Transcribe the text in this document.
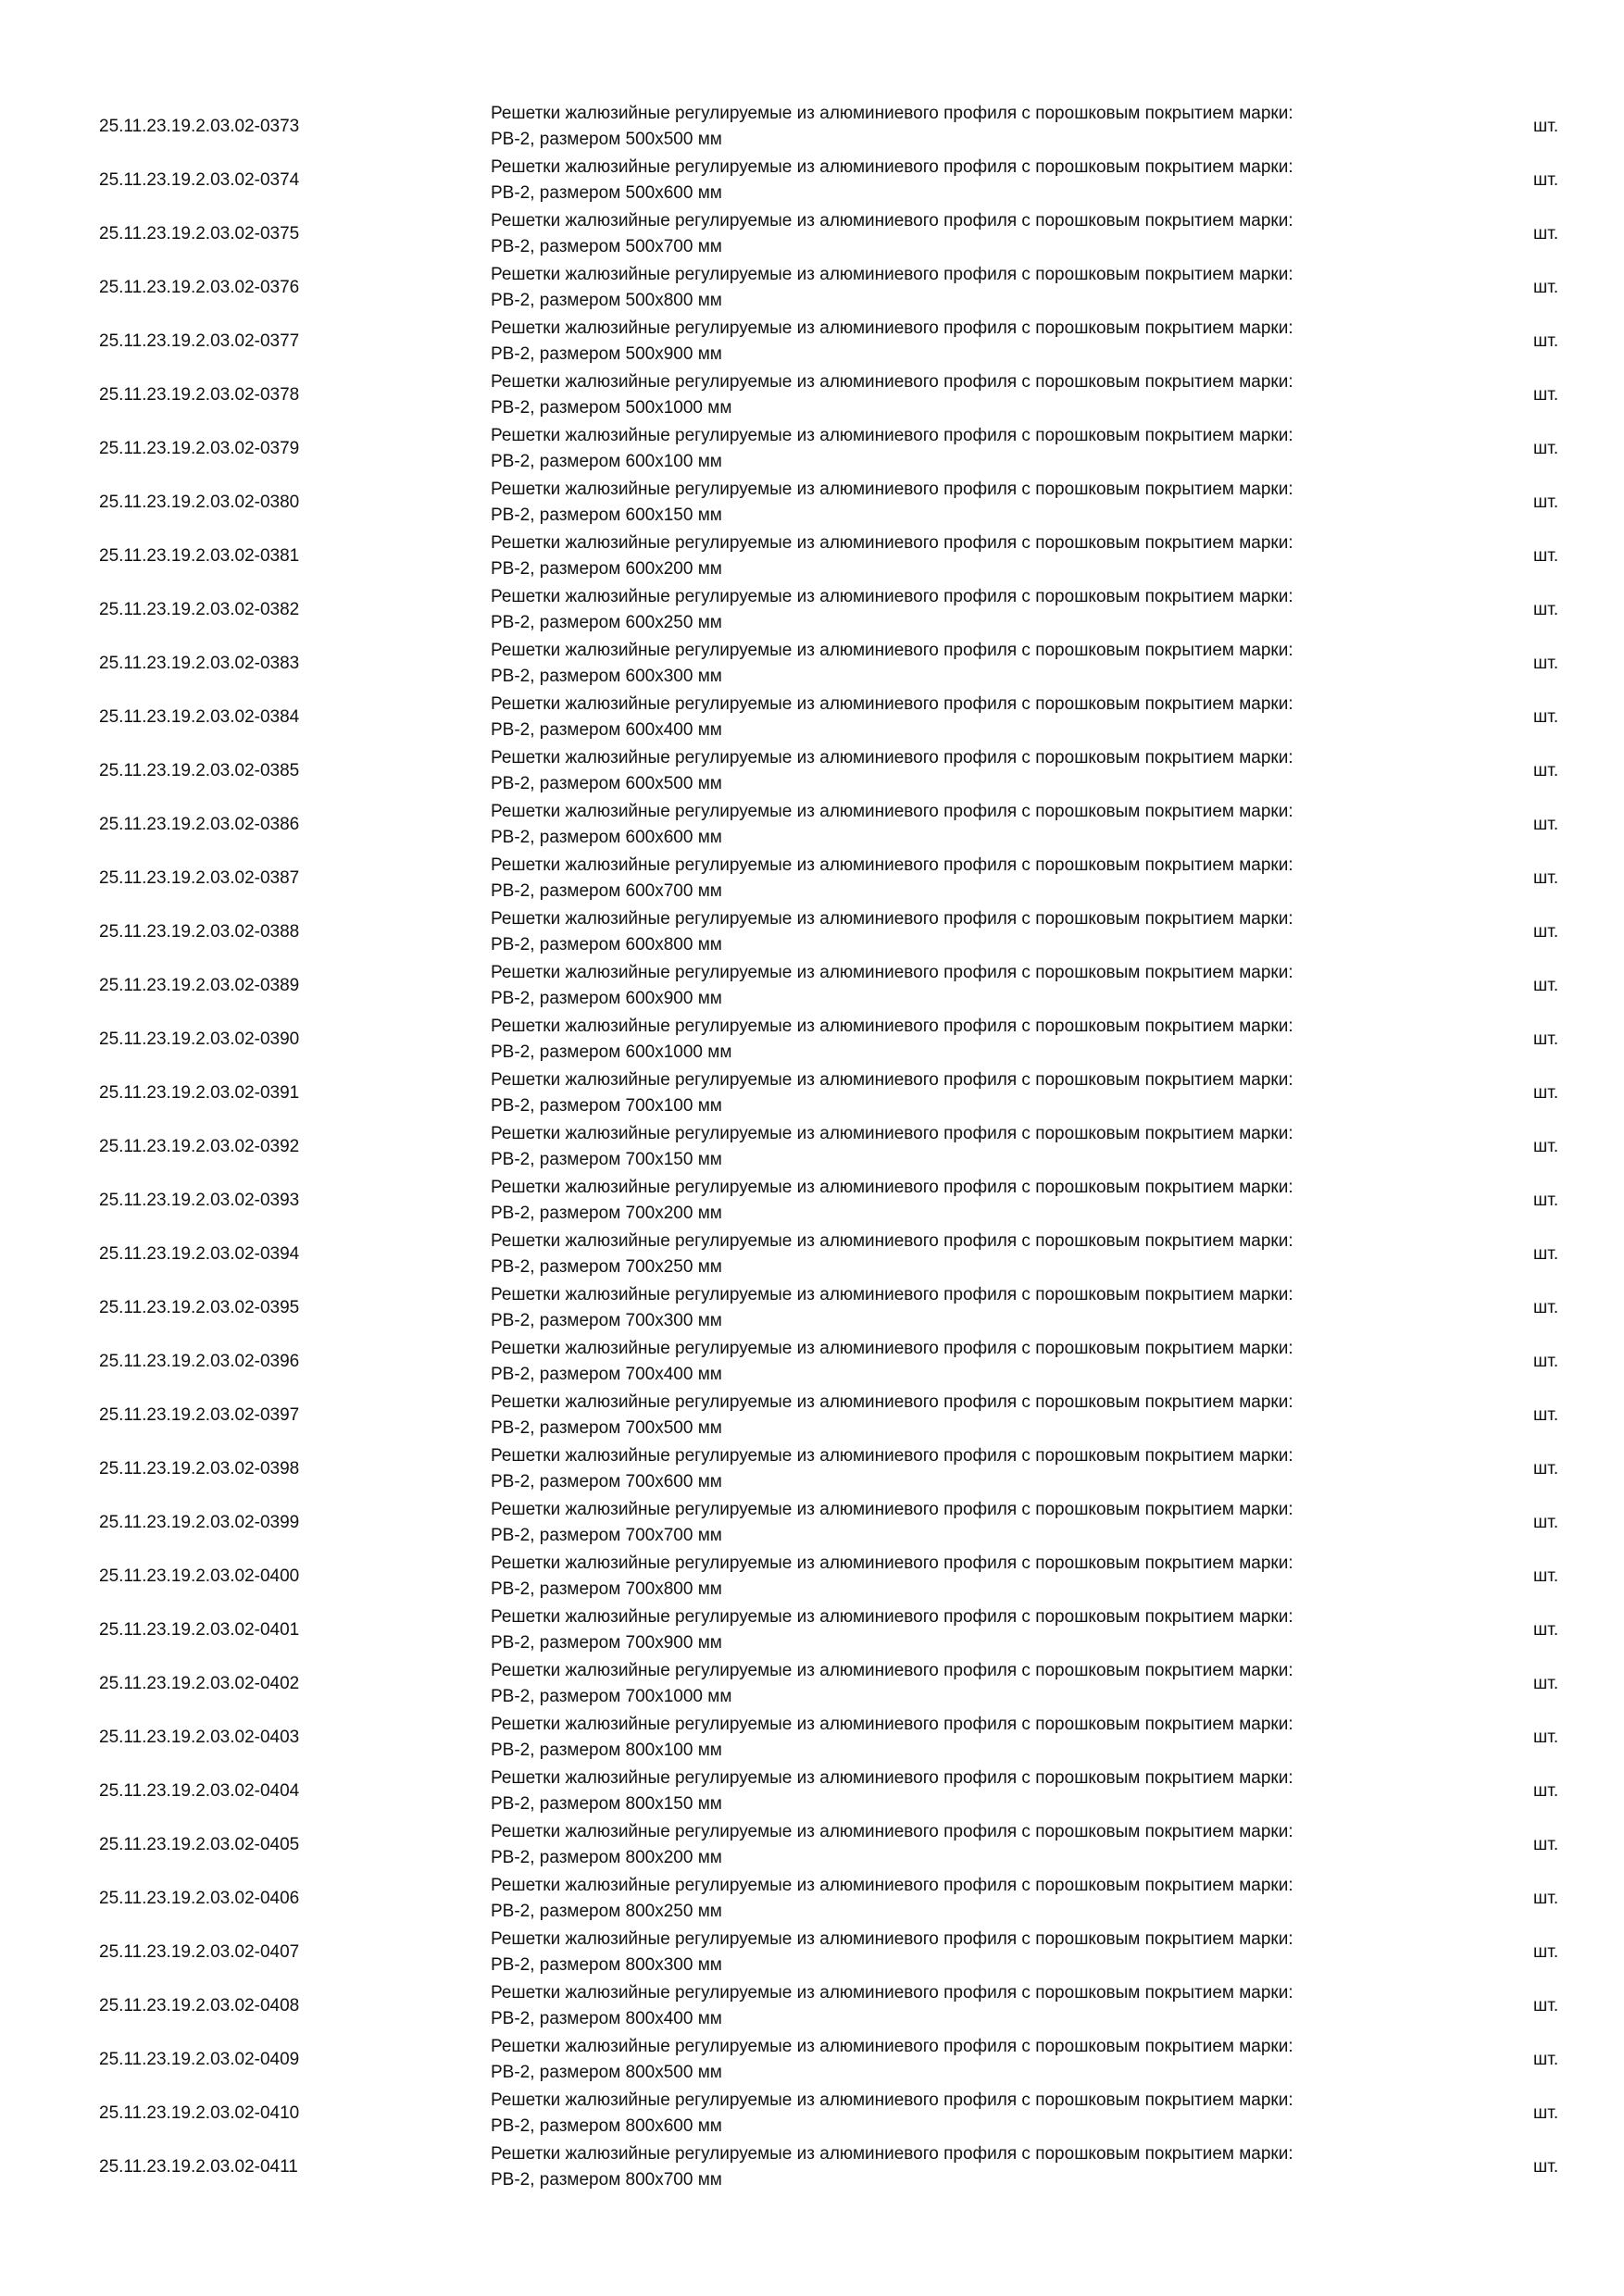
25.11.23.19.2.03.02-0373
Решетки жалюзийные регулируемые из алюминиевого профиля с порошковым покрытием марки:
РВ-2, размером 500х500 мм
шт.
25.11.23.19.2.03.02-0374
Решетки жалюзийные регулируемые из алюминиевого профиля с порошковым покрытием марки:
РВ-2, размером 500х600 мм
шт.
25.11.23.19.2.03.02-0375
Решетки жалюзийные регулируемые из алюминиевого профиля с порошковым покрытием марки:
РВ-2, размером 500х700 мм
шт.
25.11.23.19.2.03.02-0376
Решетки жалюзийные регулируемые из алюминиевого профиля с порошковым покрытием марки:
РВ-2, размером 500х800 мм
шт.
25.11.23.19.2.03.02-0377
Решетки жалюзийные регулируемые из алюминиевого профиля с порошковым покрытием марки:
РВ-2, размером 500х900 мм
шт.
25.11.23.19.2.03.02-0378
Решетки жалюзийные регулируемые из алюминиевого профиля с порошковым покрытием марки:
РВ-2, размером 500х1000 мм
шт.
25.11.23.19.2.03.02-0379
Решетки жалюзийные регулируемые из алюминиевого профиля с порошковым покрытием марки:
РВ-2, размером 600х100 мм
шт.
25.11.23.19.2.03.02-0380
Решетки жалюзийные регулируемые из алюминиевого профиля с порошковым покрытием марки:
РВ-2, размером 600х150 мм
шт.
25.11.23.19.2.03.02-0381
Решетки жалюзийные регулируемые из алюминиевого профиля с порошковым покрытием марки:
РВ-2, размером 600х200 мм
шт.
25.11.23.19.2.03.02-0382
Решетки жалюзийные регулируемые из алюминиевого профиля с порошковым покрытием марки:
РВ-2, размером 600х250 мм
шт.
25.11.23.19.2.03.02-0383
Решетки жалюзийные регулируемые из алюминиевого профиля с порошковым покрытием марки:
РВ-2, размером 600х300 мм
шт.
25.11.23.19.2.03.02-0384
Решетки жалюзийные регулируемые из алюминиевого профиля с порошковым покрытием марки:
РВ-2, размером 600х400 мм
шт.
25.11.23.19.2.03.02-0385
Решетки жалюзийные регулируемые из алюминиевого профиля с порошковым покрытием марки:
РВ-2, размером 600х500 мм
шт.
25.11.23.19.2.03.02-0386
Решетки жалюзийные регулируемые из алюминиевого профиля с порошковым покрытием марки:
РВ-2, размером 600х600 мм
шт.
25.11.23.19.2.03.02-0387
Решетки жалюзийные регулируемые из алюминиевого профиля с порошковым покрытием марки:
РВ-2, размером 600х700 мм
шт.
25.11.23.19.2.03.02-0388
Решетки жалюзийные регулируемые из алюминиевого профиля с порошковым покрытием марки:
РВ-2, размером 600х800 мм
шт.
25.11.23.19.2.03.02-0389
Решетки жалюзийные регулируемые из алюминиевого профиля с порошковым покрытием марки:
РВ-2, размером 600х900 мм
шт.
25.11.23.19.2.03.02-0390
Решетки жалюзийные регулируемые из алюминиевого профиля с порошковым покрытием марки:
РВ-2, размером 600х1000 мм
шт.
25.11.23.19.2.03.02-0391
Решетки жалюзийные регулируемые из алюминиевого профиля с порошковым покрытием марки:
РВ-2, размером 700х100 мм
шт.
25.11.23.19.2.03.02-0392
Решетки жалюзийные регулируемые из алюминиевого профиля с порошковым покрытием марки:
РВ-2, размером 700х150 мм
шт.
25.11.23.19.2.03.02-0393
Решетки жалюзийные регулируемые из алюминиевого профиля с порошковым покрытием марки:
РВ-2, размером 700х200 мм
шт.
25.11.23.19.2.03.02-0394
Решетки жалюзийные регулируемые из алюминиевого профиля с порошковым покрытием марки:
РВ-2, размером 700х250 мм
шт.
25.11.23.19.2.03.02-0395
Решетки жалюзийные регулируемые из алюминиевого профиля с порошковым покрытием марки:
РВ-2, размером 700х300 мм
шт.
25.11.23.19.2.03.02-0396
Решетки жалюзийные регулируемые из алюминиевого профиля с порошковым покрытием марки:
РВ-2, размером 700х400 мм
шт.
25.11.23.19.2.03.02-0397
Решетки жалюзийные регулируемые из алюминиевого профиля с порошковым покрытием марки:
РВ-2, размером 700х500 мм
шт.
25.11.23.19.2.03.02-0398
Решетки жалюзийные регулируемые из алюминиевого профиля с порошковым покрытием марки:
РВ-2, размером 700х600 мм
шт.
25.11.23.19.2.03.02-0399
Решетки жалюзийные регулируемые из алюминиевого профиля с порошковым покрытием марки:
РВ-2, размером 700х700 мм
шт.
25.11.23.19.2.03.02-0400
Решетки жалюзийные регулируемые из алюминиевого профиля с порошковым покрытием марки:
РВ-2, размером 700х800 мм
шт.
25.11.23.19.2.03.02-0401
Решетки жалюзийные регулируемые из алюминиевого профиля с порошковым покрытием марки:
РВ-2, размером 700х900 мм
шт.
25.11.23.19.2.03.02-0402
Решетки жалюзийные регулируемые из алюминиевого профиля с порошковым покрытием марки:
РВ-2, размером 700х1000 мм
шт.
25.11.23.19.2.03.02-0403
Решетки жалюзийные регулируемые из алюминиевого профиля с порошковым покрытием марки:
РВ-2, размером 800х100 мм
шт.
25.11.23.19.2.03.02-0404
Решетки жалюзийные регулируемые из алюминиевого профиля с порошковым покрытием марки:
РВ-2, размером 800х150 мм
шт.
25.11.23.19.2.03.02-0405
Решетки жалюзийные регулируемые из алюминиевого профиля с порошковым покрытием марки:
РВ-2, размером 800х200 мм
шт.
25.11.23.19.2.03.02-0406
Решетки жалюзийные регулируемые из алюминиевого профиля с порошковым покрытием марки:
РВ-2, размером 800х250 мм
шт.
25.11.23.19.2.03.02-0407
Решетки жалюзийные регулируемые из алюминиевого профиля с порошковым покрытием марки:
РВ-2, размером 800х300 мм
шт.
25.11.23.19.2.03.02-0408
Решетки жалюзийные регулируемые из алюминиевого профиля с порошковым покрытием марки:
РВ-2, размером 800х400 мм
шт.
25.11.23.19.2.03.02-0409
Решетки жалюзийные регулируемые из алюминиевого профиля с порошковым покрытием марки:
РВ-2, размером 800х500 мм
шт.
25.11.23.19.2.03.02-0410
Решетки жалюзийные регулируемые из алюминиевого профиля с порошковым покрытием марки:
РВ-2, размером 800х600 мм
шт.
25.11.23.19.2.03.02-0411
Решетки жалюзийные регулируемые из алюминиевого профиля с порошковым покрытием марки:
РВ-2, размером 800х700 мм
шт.
